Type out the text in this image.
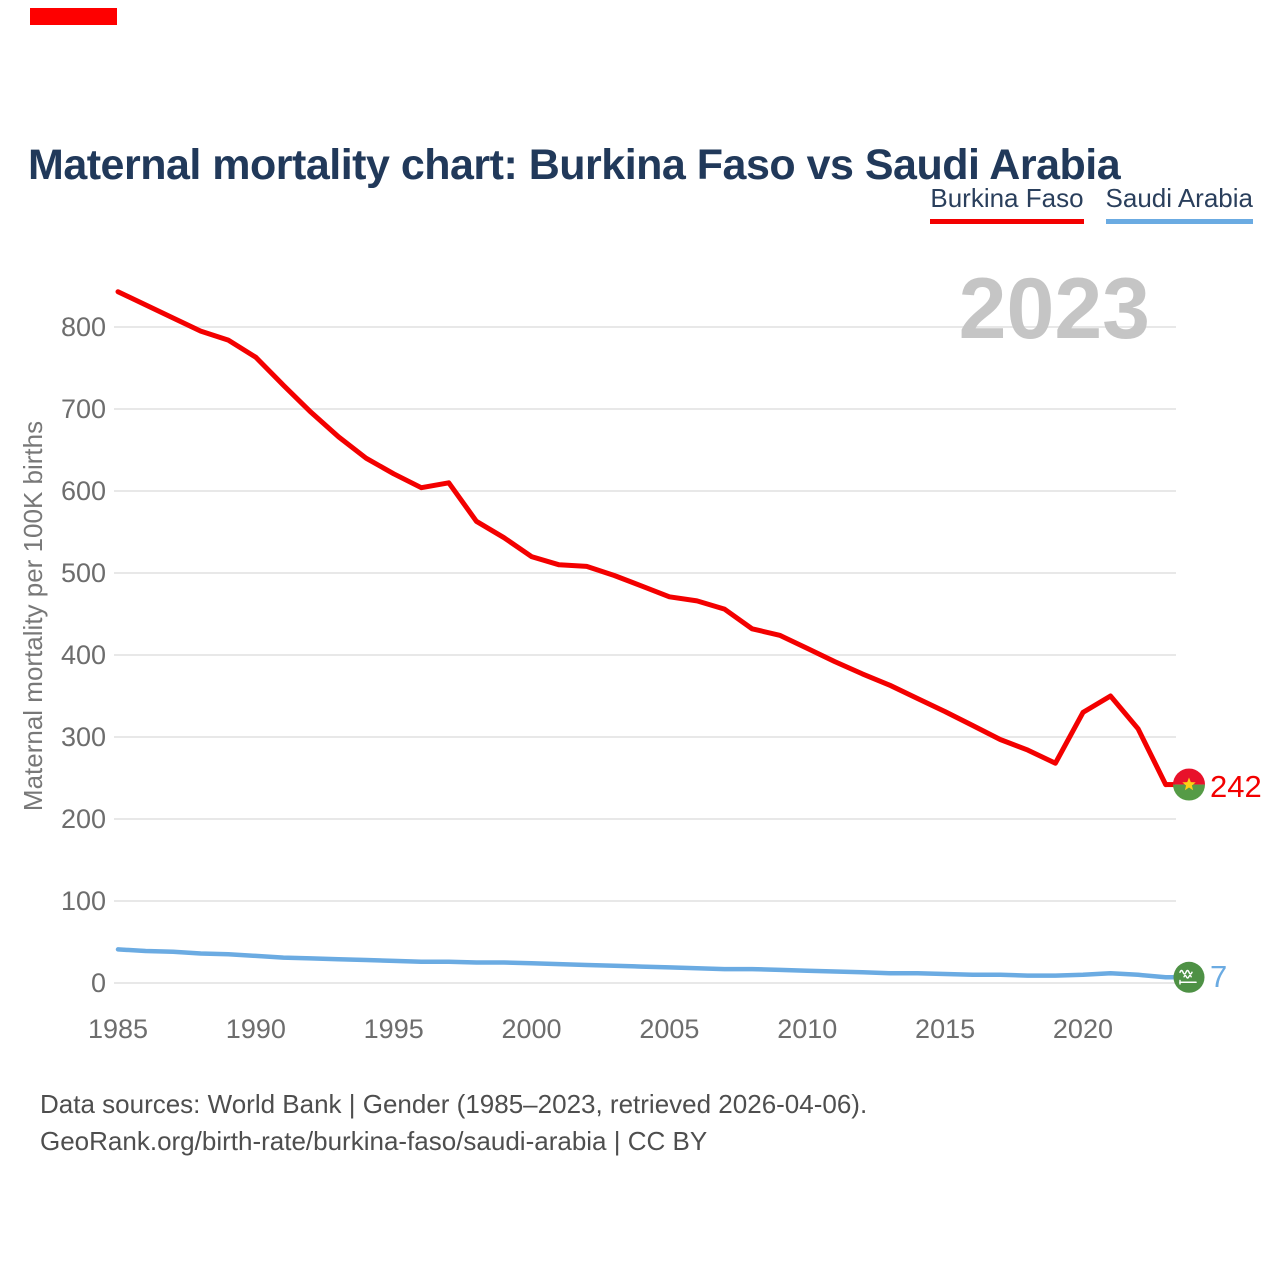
Maternal mortality chart: Burkina Faso vs Saudi Arabia
Burkina Faso Saudi Arabia
2023
0
100
200
300
400
500
600
700
800
1985	1990	1995	2000	2005	2010	2015	2020
Maternal mortality per 100K births	242
7
Data sources: World Bank | Gender (1985–2023, retrieved 2026-04-06).
GeoRank.org/birth-rate/burkina-faso/saudi-arabia | CC BY
